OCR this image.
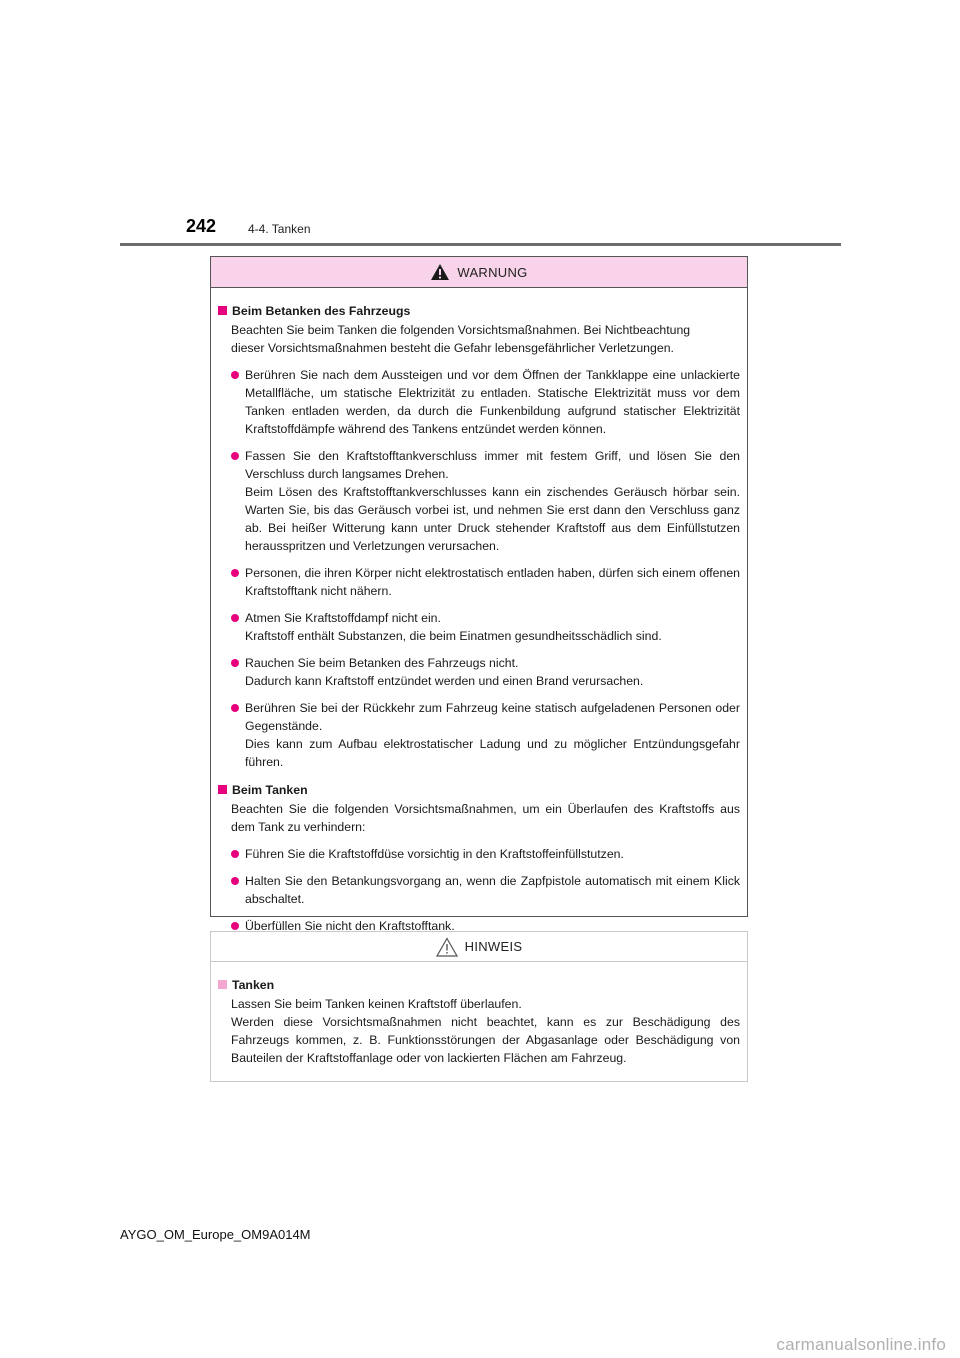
242	4-4. Tanken
WARNUNG
Beim Betanken des Fahrzeugs
Beachten Sie beim Tanken die folgenden Vorsichtsmaßnahmen. Bei Nichtbeachtung
dieser Vorsichtsmaßnahmen besteht die Gefahr lebensgefährlicher Verletzungen.
Berühren Sie nach dem Aussteigen und vor dem Öffnen der Tankklappe eine unlackierte Metallfläche, um statische Elektrizität zu entladen. Statische Elektrizität muss vor dem Tanken entladen werden, da durch die Funkenbildung aufgrund statischer Elektrizität Kraftstoffdämpfe während des Tankens entzündet werden können.
Fassen Sie den Kraftstofftankverschluss immer mit festem Griff, und lösen Sie den Verschluss durch langsames Drehen.
Beim Lösen des Kraftstofftankverschlusses kann ein zischendes Geräusch hörbar sein. Warten Sie, bis das Geräusch vorbei ist, und nehmen Sie erst dann den Verschluss ganz ab. Bei heißer Witterung kann unter Druck stehender Kraftstoff aus dem Einfüllstutzen herausspritzen und Verletzungen verursachen.
Personen, die ihren Körper nicht elektrostatisch entladen haben, dürfen sich einem offenen Kraftstofftank nicht nähern.
Atmen Sie Kraftstoffdampf nicht ein.
Kraftstoff enthält Substanzen, die beim Einatmen gesundheitsschädlich sind.
Rauchen Sie beim Betanken des Fahrzeugs nicht.
Dadurch kann Kraftstoff entzündet werden und einen Brand verursachen.
Berühren Sie bei der Rückkehr zum Fahrzeug keine statisch aufgeladenen Personen oder Gegenstände.
Dies kann zum Aufbau elektrostatischer Ladung und zu möglicher Entzündungsgefahr führen.
Beim Tanken
Beachten Sie die folgenden Vorsichtsmaßnahmen, um ein Überlaufen des Kraftstoffs aus dem Tank zu verhindern:
Führen Sie die Kraftstoffdüse vorsichtig in den Kraftstoffeinfüllstutzen.
Halten Sie den Betankungsvorgang an, wenn die Zapfpistole automatisch mit einem Klick abschaltet.
Überfüllen Sie nicht den Kraftstofftank.
HINWEIS
Tanken
Lassen Sie beim Tanken keinen Kraftstoff überlaufen.
Werden diese Vorsichtsmaßnahmen nicht beachtet, kann es zur Beschädigung des Fahrzeugs kommen, z. B. Funktionsstörungen der Abgasanlage oder Beschädigung von Bauteilen der Kraftstoffanlage oder von lackierten Flächen am Fahrzeug.
AYGO_OM_Europe_OM9A014M
carmanualsonline.info
